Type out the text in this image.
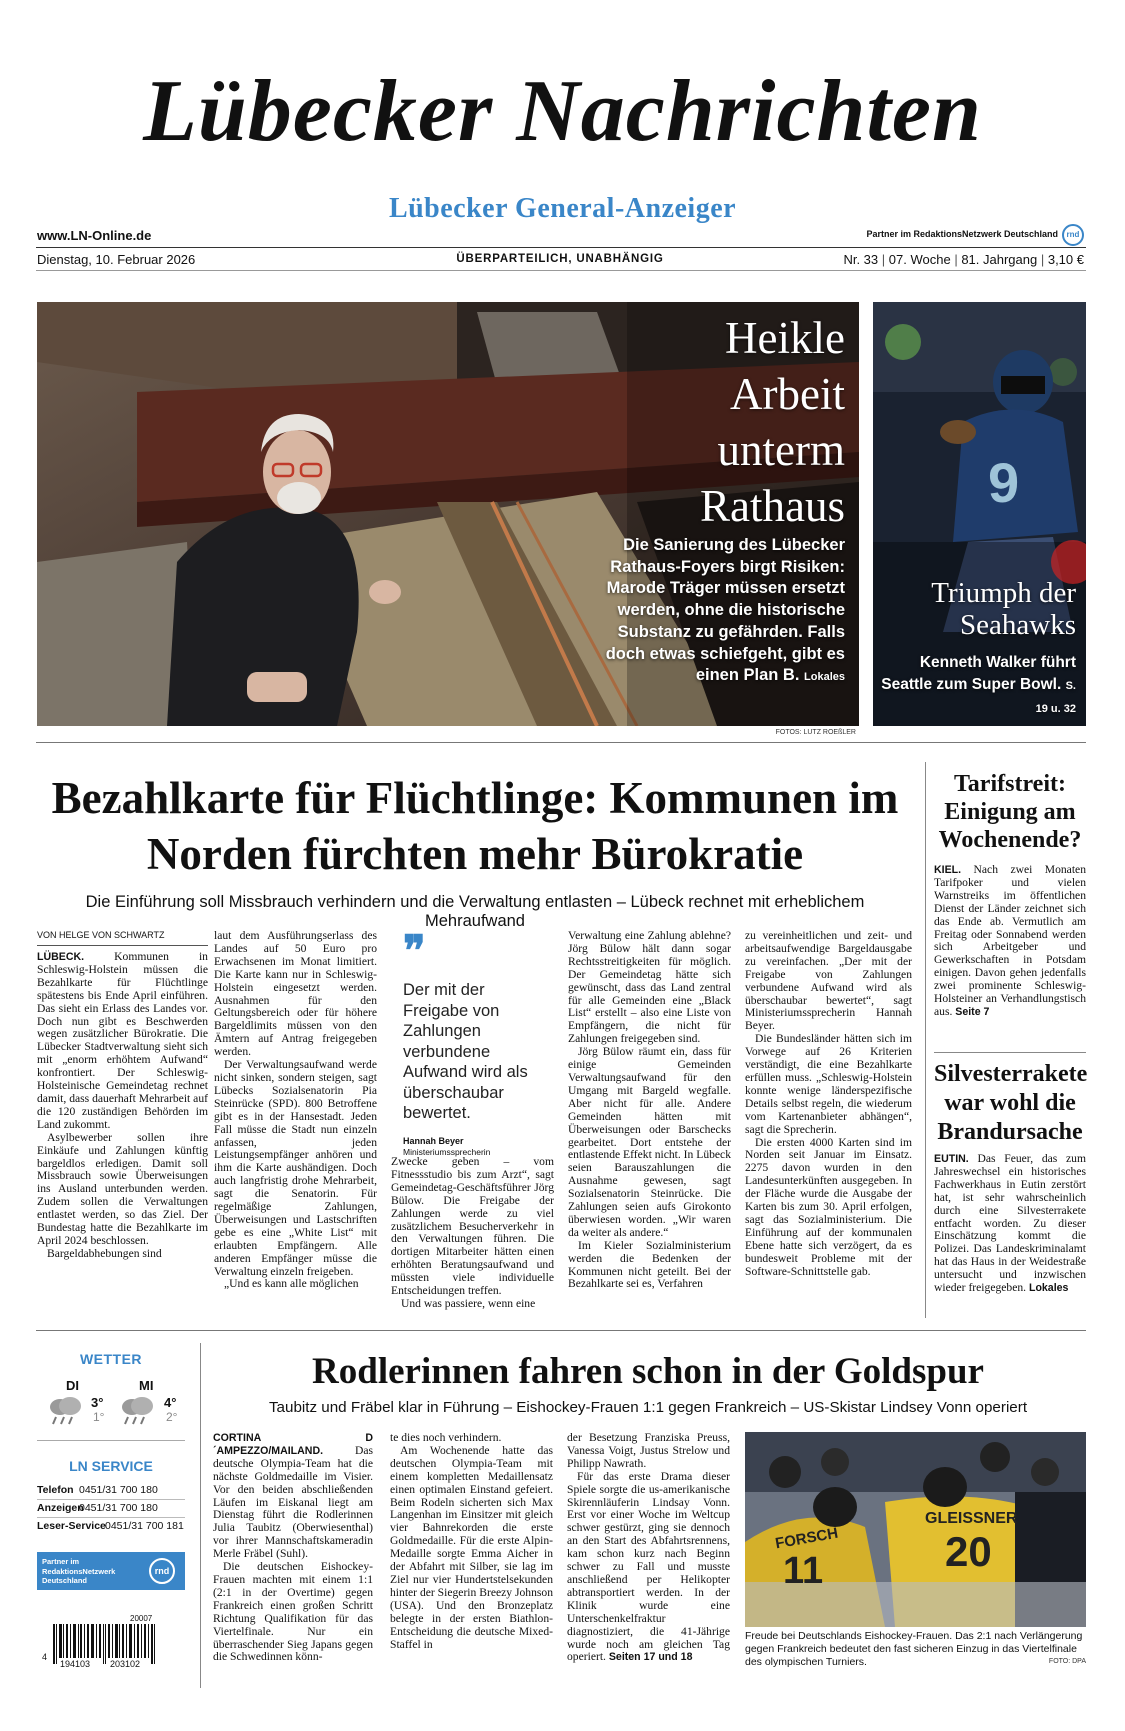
Lübecker Nachrichten
Lübecker General-Anzeiger
www.LN-Online.de	Partner im RedaktionsNetzwerk Deutschland	rnd
Dienstag, 10. Februar 2026	ÜBERPARTEILICH, UNABHÄNGIG	Nr. 33 | 07. Woche | 81. Jahrgang | 3,10 €
Heikle
Arbeit
unterm
Rathaus
Die Sanierung des Lübecker Rathaus-Foyers birgt Risiken: Marode Träger müssen ersetzt werden, ohne die historische Substanz zu gefährden. Falls doch etwas schiefgeht, gibt es einen Plan B. Lokales
FOTOS: LUTZ ROEßLER
9
Triumph der Seahawks
Kenneth Walker führt Seattle zum Super Bowl. S. 19 u. 32
Bezahlkarte für Flüchtlinge: Kommunen im Norden fürchten mehr Bürokratie
Die Einführung soll Missbrauch verhindern und die Verwaltung entlasten – Lübeck rechnet mit erheblichem Mehraufwand
VON HELGE VON SCHWARTZ

LÜBECK.	Kommunen in Schleswig-Holstein müssen die Bezahlkarte für Flüchtlinge spätestens bis Ende April einführen. Das sieht ein Erlass des Landes vor. Doch nun gibt es Beschwerden wegen zusätzlicher Bürokratie. Die Lübecker Stadtverwaltung sieht sich mit „enorm erhöhtem Aufwand“ konfrontiert. Der Schleswig-Holsteinische Gemeindetag rechnet damit, dass dauerhaft Mehrarbeit auf die 120 zuständigen Behörden im Land zukommt.

Asylbewerber sollen ihre Einkäufe und Zahlungen künftig bargeldlos erledigen. Damit soll Missbrauch sowie Überweisungen ins Ausland unterbunden werden. Zudem sollen die Verwaltungen entlastet werden, so das Ziel. Der Bundestag hatte die Bezahlkarte im April 2024 beschlossen.

Bargeldabhebungen sind

laut dem Ausführungserlass des Landes auf 50 Euro pro Erwachsenen im Monat limitiert. Die Karte kann nur in Schleswig-Holstein eingesetzt werden. Ausnahmen für den Geltungsbereich oder für höhere Bargeldlimits müssen von den Ämtern auf Antrag freigegeben werden.

Der Verwaltungsaufwand werde nicht sinken, sondern steigen, sagt Lübecks Sozialsenatorin Pia Steinrücke (SPD). 800 Betroffene gibt es in der Hansestadt. Jeden Fall müsse die Stadt nun einzeln anfassen, jeden Leistungsempfänger anhören und ihm die Karte aushändigen. Doch auch langfristig drohe Mehrarbeit, sagt die Senatorin. Für regelmäßige Zahlungen, Überweisungen und Lastschriften gebe es eine „White List“ mit erlaubten Empfängern. Alle anderen Empfänger müsse die Verwaltung einzeln freigeben.

„Und es kann alle möglichen

❞
Der mit der Freigabe von Zahlungen verbundene Aufwand wird als überschaubar bewertet.
Hannah Beyer
Ministeriumssprecherin

Zwecke geben – vom Fitnessstudio bis zum Arzt“, sagt Gemeindetag-Geschäftsführer Jörg Bülow. Die Freigabe der Zahlungen werde zu viel zusätzlichem Besucherverkehr in den Verwaltungen führen. Die dortigen Mitarbeiter hätten einen erhöhten Beratungsaufwand und müssten viele individuelle Entscheidungen treffen.

Und was passiere, wenn eine

Verwaltung eine Zahlung ablehne? Jörg Bülow hält dann sogar Rechtsstreitigkeiten für möglich. Der Gemeindetag hätte sich gewünscht, dass das Land zentral für alle Gemeinden eine „Black List“ erstellt – also eine Liste von Empfängern, die nicht für Zahlungen freigegeben sind.

Jörg Bülow räumt ein, dass für einige Gemeinden Verwaltungsaufwand für den Umgang mit Bargeld wegfalle. Aber nicht für alle. Andere Gemeinden hätten mit Überweisungen oder Barschecks gearbeitet. Dort entstehe der entlastende Effekt nicht. In Lübeck seien Barauszahlungen die Ausnahme gewesen, sagt Sozialsenatorin Steinrücke. Die Zahlungen seien aufs Girokonto überwiesen worden. „Wir waren da weiter als andere.“

Im Kieler Sozialministerium werden die Bedenken der Kommunen nicht geteilt. Bei der Bezahlkarte sei es, Verfahren

zu vereinheitlichen und zeit- und arbeitsaufwendige Bargeldausgabe zu vereinfachen. „Der mit der Freigabe von Zahlungen verbundene Aufwand wird als überschaubar bewertet“, sagt Ministeriumssprecherin Hannah Beyer.

Die Bundesländer hätten sich im Vorwege auf 26 Kriterien verständigt, die eine Bezahlkarte erfüllen muss. „Schleswig-Holstein konnte wenige länderspezifische Details selbst regeln, die wiederum vom Kartenanbieter abhängen“, sagt die Sprecherin.

Die ersten 4000 Karten sind im Norden seit Januar im Einsatz. 2275 davon wurden in den Landesunterkünften ausgegeben. In der Fläche wurde die Ausgabe der Karten bis zum 30. April erfolgen, sagt das Sozialministerium. Die Einführung auf der kommunalen Ebene hatte sich verzögert, da es bundesweit Probleme mit der Software-Schnittstelle gab.

Tarifstreit: Einigung am Wochenende?

KIEL. Nach zwei Monaten Tarifpoker und vielen Warnstreiks im öffentlichen Dienst der Länder zeichnet sich das Ende ab. Vermutlich am Freitag oder Sonnabend werden sich Arbeitgeber und Gewerkschaften in Potsdam einigen. Davon gehen jedenfalls zwei prominente Schleswig-Holsteiner an Verhandlungstisch aus. Seite 7

Silvesterrakete war wohl die Brandursache

EUTIN. Das Feuer, das zum Jahreswechsel ein historisches Fachwerkhaus in Eutin zerstört hat, ist sehr wahrscheinlich durch eine Silvesterrakete entfacht worden. Zu dieser Einschätzung kommt die Polizei. Das Landeskriminalamt hat das Haus in der Weidestraße untersucht und inzwischen wieder freigegeben. Lokales

WETTER
DI	MI
3°
1°
4°
2°
LN SERVICE
Telefon 0451/31 700 180
Anzeigen
0451/31 700 180
Leser-Service 0451/31 700 181
Partner im RedaktionsNetzwerk Deutschland
rnd
20007
4
194103 203102
Rodlerinnen fahren schon in der Goldspur
Taubitz und Fräbel klar in Führung – Eishockey-Frauen 1:1 gegen Frankreich – US-Skistar Lindsey Vonn operiert

CORTINA D´AMPEZZO/MAILAND.	Das deutsche Olympia-Team hat die nächste Goldmedaille im Visier. Vor den beiden abschließenden Läufen im Eiskanal liegt am Dienstag führt die Rodlerinnen Julia Taubitz (Oberwiesenthal) vor ihrer Mannschaftskameradin Merle Fräbel (Suhl).

Die deutschen Eishockey-Frauen machten mit einem 1:1 (2:1 in der Overtime) gegen Frankreich einen großen Schritt Richtung Qualifikation für das Viertelfinale. Nur ein überraschender Sieg Japans gegen die Schwedinnen könn-

te dies noch verhindern.

Am Wochenende hatte das deutschen Olympia-Team mit einem kompletten Medaillensatz einen optimalen Einstand gefeiert. Beim Rodeln sicherten sich Max Langenhan im Einsitzer mit gleich vier Bahnrekorden die erste Goldmedaille. Für die erste Alpin-Medaille sorgte Emma Aicher in der Abfahrt mit Silber, sie lag im Ziel nur vier Hundertstelsekunden hinter der Siegerin Breezy Johnson (USA). Und den Bronzeplatz belegte in der ersten Biathlon-Entscheidung die deutsche Mixed-Staffel in

der Besetzung Franziska Preuss, Vanessa Voigt, Justus Strelow und Philipp Nawrath.

Für das erste Drama dieser Spiele sorgte die us-amerikanische Skirennläuferin Lindsay Vonn. Erst vor einer Woche im Weltcup schwer gestürzt, ging sie dennoch an den Start des Abfahrtsrennens, kam schon kurz nach Beginn schwer zu Fall und musste anschließend per Helikopter abtransportiert werden. In der Klinik wurde eine Unterschenkelfraktur diagnostiziert, die 41-Jährige wurde noch am gleichen Tag operiert. Seiten 17 und 18

FORSCH
11
GLEISSNER
20
Freude bei Deutschlands Eishockey-Frauen. Das 2:1 nach Verlängerung gegen Frankreich bedeutet den fast sicheren Einzug in das Viertelfinale des olympischen Turniers.	FOTO: DPA
